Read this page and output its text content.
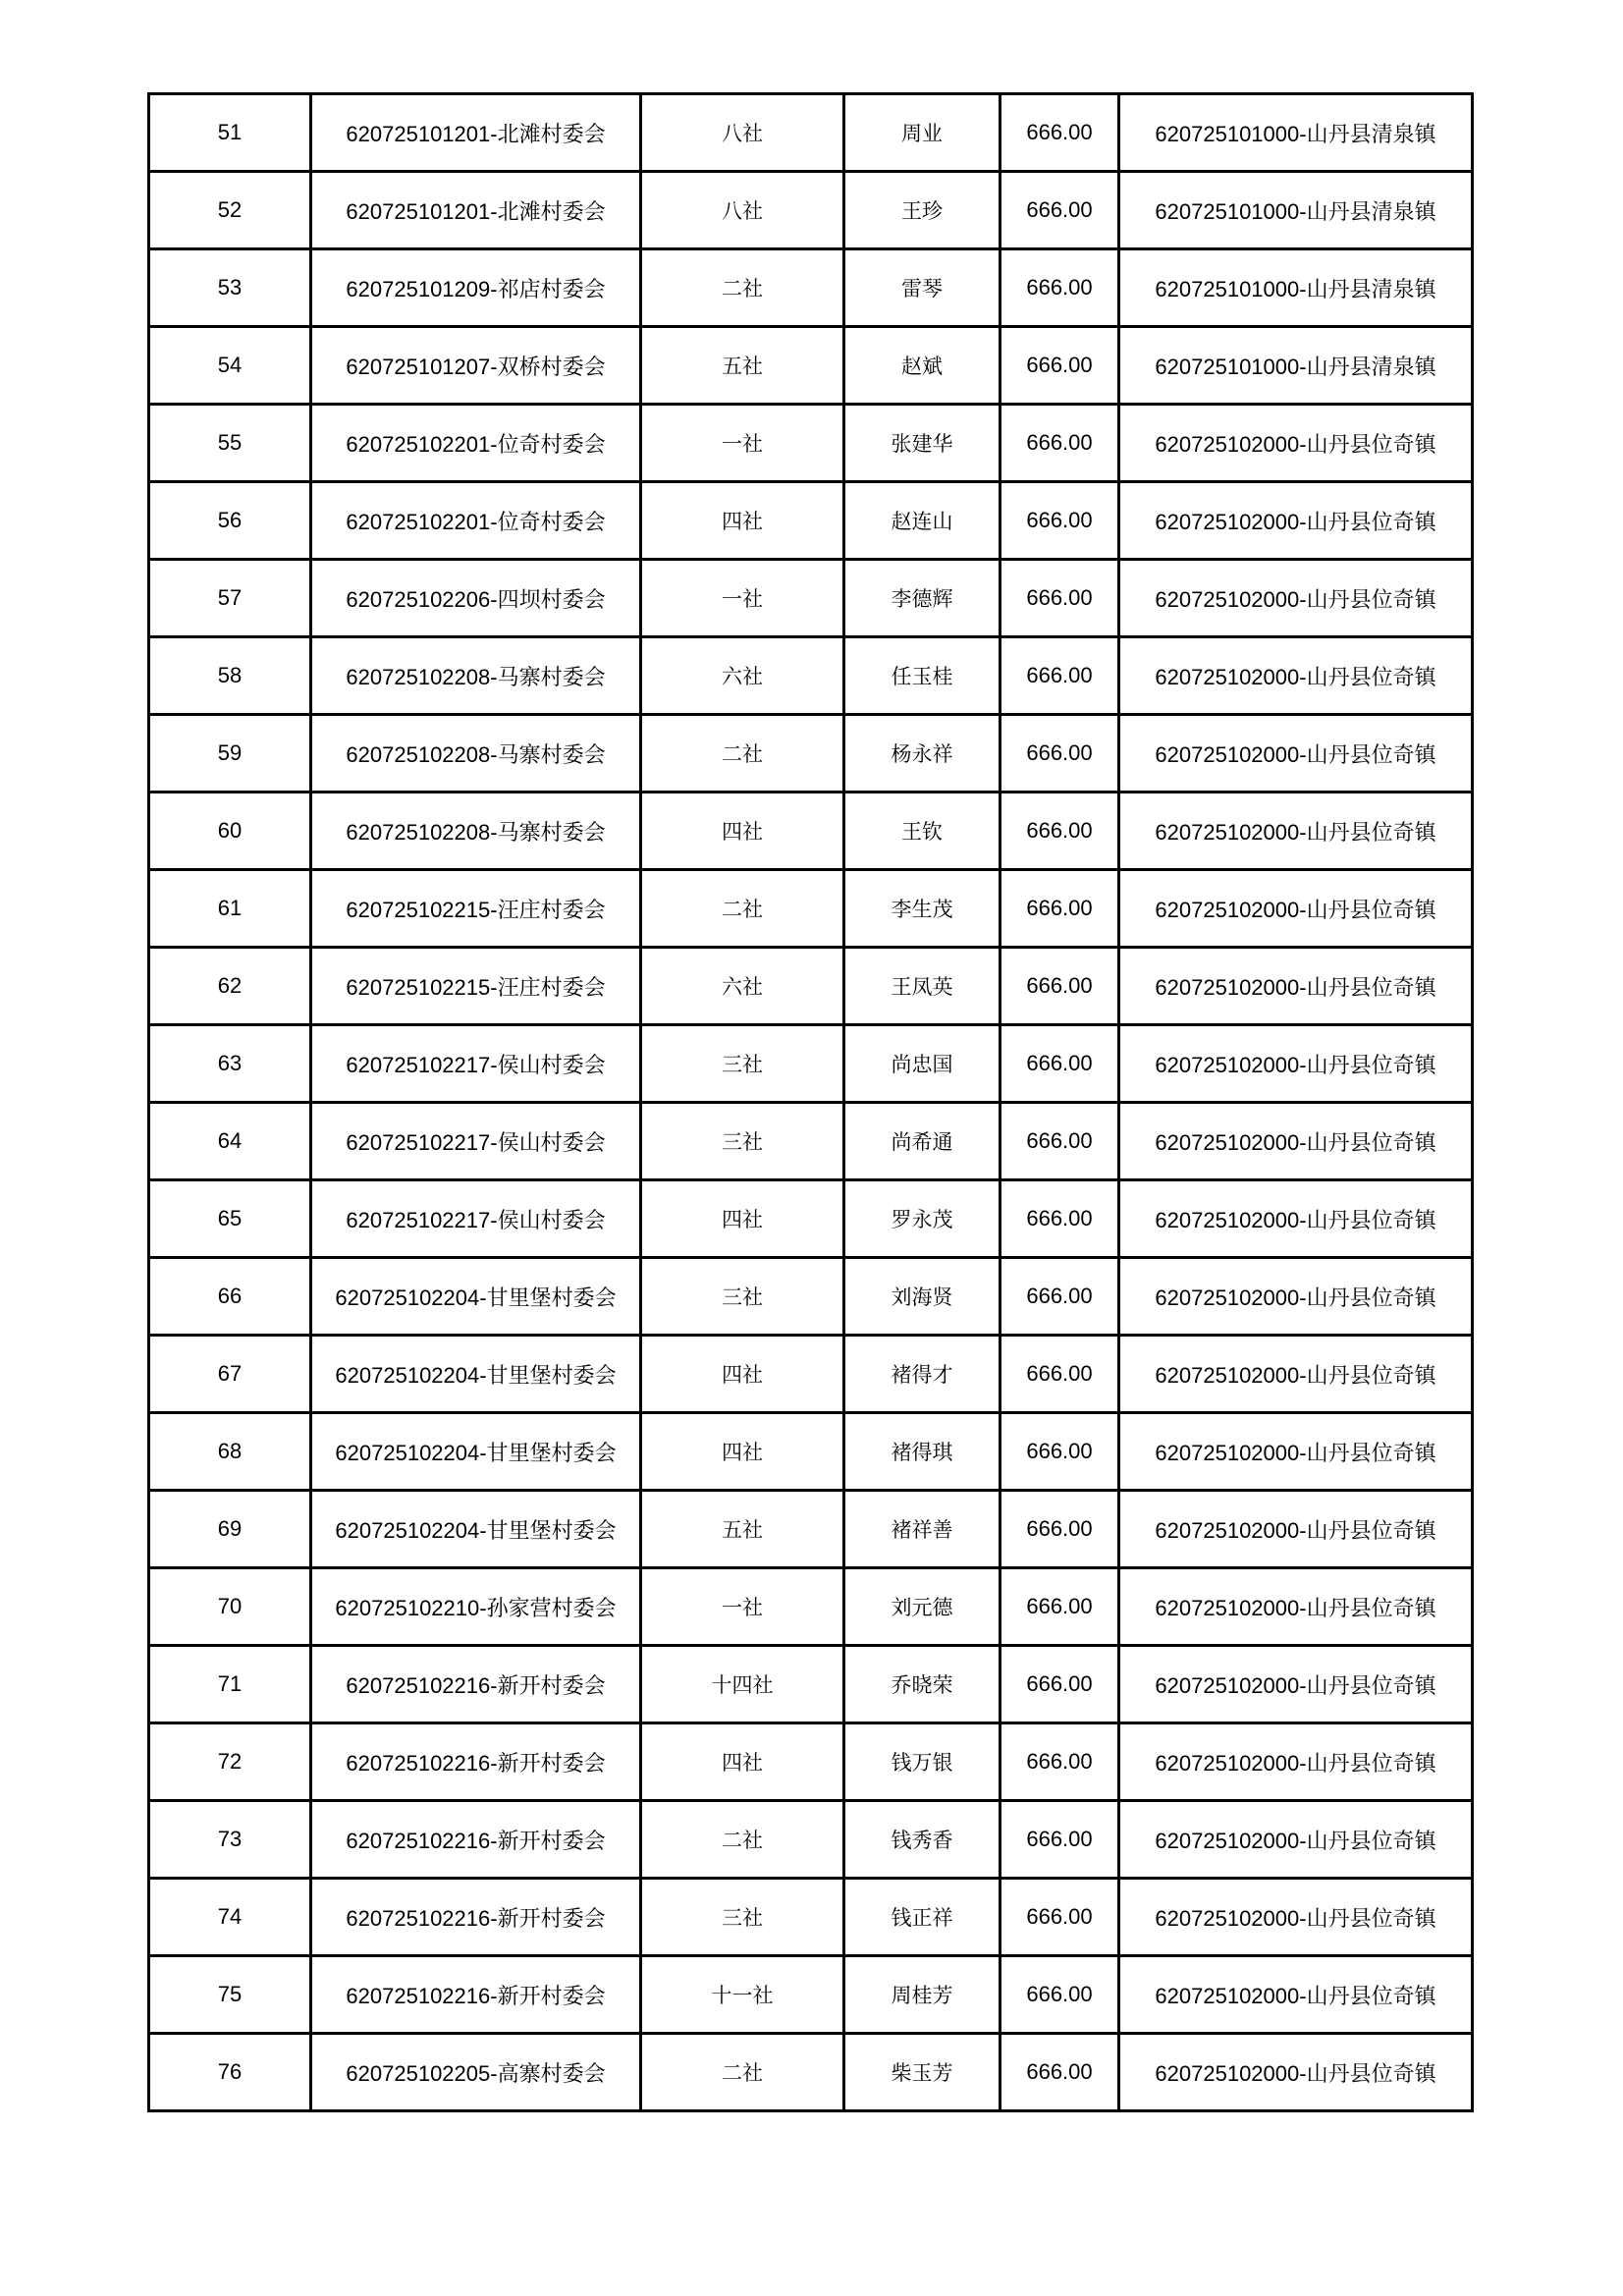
51	620725101201-北滩村委会	八社	周业	666.00	620725101000-山丹县清泉镇
52	620725101201-北滩村委会	八社	王珍	666.00	620725101000-山丹县清泉镇
53	620725101209-祁店村委会	二社	雷琴	666.00	620725101000-山丹县清泉镇
54	620725101207-双桥村委会	五社	赵斌	666.00	620725101000-山丹县清泉镇
55	620725102201-位奇村委会	一社	张建华	666.00	620725102000-山丹县位奇镇
56	620725102201-位奇村委会	四社	赵连山	666.00	620725102000-山丹县位奇镇
57	620725102206-四坝村委会	一社	李德辉	666.00	620725102000-山丹县位奇镇
58	620725102208-马寨村委会	六社	任玉桂	666.00	620725102000-山丹县位奇镇
59	620725102208-马寨村委会	二社	杨永祥	666.00	620725102000-山丹县位奇镇
60	620725102208-马寨村委会	四社	王钦	666.00	620725102000-山丹县位奇镇
61	620725102215-汪庄村委会	二社	李生茂	666.00	620725102000-山丹县位奇镇
62	620725102215-汪庄村委会	六社	王凤英	666.00	620725102000-山丹县位奇镇
63	620725102217-侯山村委会	三社	尚忠国	666.00	620725102000-山丹县位奇镇
64	620725102217-侯山村委会	三社	尚希通	666.00	620725102000-山丹县位奇镇
65	620725102217-侯山村委会	四社	罗永茂	666.00	620725102000-山丹县位奇镇
66	620725102204-甘里堡村委会	三社	刘海贤	666.00	620725102000-山丹县位奇镇
67	620725102204-甘里堡村委会	四社	褚得才	666.00	620725102000-山丹县位奇镇
68	620725102204-甘里堡村委会	四社	褚得琪	666.00	620725102000-山丹县位奇镇
69	620725102204-甘里堡村委会	五社	褚祥善	666.00	620725102000-山丹县位奇镇
70	620725102210-孙家营村委会	一社	刘元德	666.00	620725102000-山丹县位奇镇
71	620725102216-新开村委会	十四社	乔晓荣	666.00	620725102000-山丹县位奇镇
72	620725102216-新开村委会	四社	钱万银	666.00	620725102000-山丹县位奇镇
73	620725102216-新开村委会	二社	钱秀香	666.00	620725102000-山丹县位奇镇
74	620725102216-新开村委会	三社	钱正祥	666.00	620725102000-山丹县位奇镇
75	620725102216-新开村委会	十一社	周桂芳	666.00	620725102000-山丹县位奇镇
76	620725102205-高寨村委会	二社	柴玉芳	666.00	620725102000-山丹县位奇镇
